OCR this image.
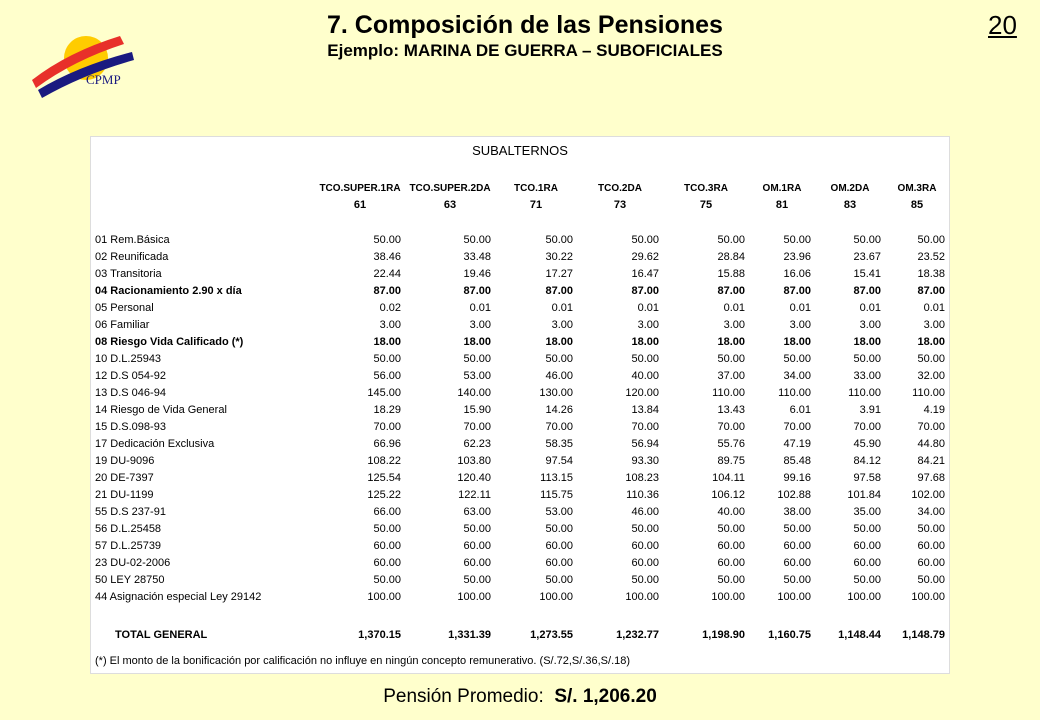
CPMP
7. Composición de las Pensiones
Ejemplo: MARINA DE GUERRA – SUBOFICIALES
20
SUBALTERNOS
	TCO.SUPER.1RA	TCO.SUPER.2DA	TCO.1RA	TCO.2DA	TCO.3RA	OM.1RA	OM.2DA	OM.3RA
	61	63	71	73	75	81	83	85

01 Rem.Básica	50.00	50.00	50.00	50.00	50.00	50.00	50.00	50.00
02 Reunificada	38.46	33.48	30.22	29.62	28.84	23.96	23.67	23.52
03 Transitoria	22.44	19.46	17.27	16.47	15.88	16.06	15.41	18.38
04 Racionamiento 2.90 x día	87.00	87.00	87.00	87.00	87.00	87.00	87.00	87.00
05 Personal	0.02	0.01	0.01	0.01	0.01	0.01	0.01	0.01
06 Familiar	3.00	3.00	3.00	3.00	3.00	3.00	3.00	3.00
08 Riesgo Vida Calificado (*)	18.00	18.00	18.00	18.00	18.00	18.00	18.00	18.00
10 D.L.25943	50.00	50.00	50.00	50.00	50.00	50.00	50.00	50.00
12 D.S 054-92	56.00	53.00	46.00	40.00	37.00	34.00	33.00	32.00
13 D.S 046-94	145.00	140.00	130.00	120.00	110.00	110.00	110.00	110.00
14 Riesgo de Vida General	18.29	15.90	14.26	13.84	13.43	6.01	3.91	4.19
15 D.S.098-93	70.00	70.00	70.00	70.00	70.00	70.00	70.00	70.00
17 Dedicación Exclusiva	66.96	62.23	58.35	56.94	55.76	47.19	45.90	44.80
19 DU-9096	108.22	103.80	97.54	93.30	89.75	85.48	84.12	84.21
20 DE-7397	125.54	120.40	113.15	108.23	104.11	99.16	97.58	97.68
21 DU-1199	125.22	122.11	115.75	110.36	106.12	102.88	101.84	102.00
55 D.S 237-91	66.00	63.00	53.00	46.00	40.00	38.00	35.00	34.00
56 D.L.25458	50.00	50.00	50.00	50.00	50.00	50.00	50.00	50.00
57 D.L.25739	60.00	60.00	60.00	60.00	60.00	60.00	60.00	60.00
23 DU-02-2006	60.00	60.00	60.00	60.00	60.00	60.00	60.00	60.00
50 LEY 28750	50.00	50.00	50.00	50.00	50.00	50.00	50.00	50.00
44 Asignación especial Ley 29142	100.00	100.00	100.00	100.00	100.00	100.00	100.00	100.00

TOTAL GENERAL	1,370.15	1,331.39	1,273.55	1,232.77	1,198.90	1,160.75	1,148.44	1,148.79
(*) El monto de la bonificación por calificación no influye en ningún concepto remunerativo. (S/.72,S/.36,S/.18)
Pensión Promedio: S/. 1,206.20
